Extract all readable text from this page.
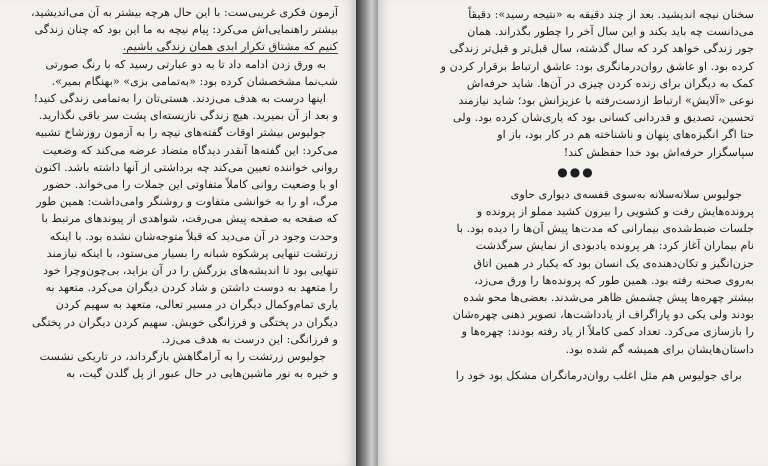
آزمون فکری غریبی‌ست: با این حال هرچه بیشتر به آن می‌اندیشید،

بیشتر راهنمایی‌اش می‌کرد: پیام نیچه به ما این بود که چنان زندگی

کنیم که مشتاق تکرار ابدی همان زندگی باشیم.

به ورق زدن ادامه داد تا به دو عبارتی رسید که با رنگ صورتی

شب‌نما مشخصشان کرده بود: «به‌تمامی بزی» «بهنگام بمیر».

اینها درست به هدف می‌زدند. هستی‌تان را به‌تمامی زندگی کنید!

و بعد از آن بمیرید. هیچ زندگی نازیسته‌ای پشت سر باقی نگذارید.

جولیوس بیشتر اوقات گفته‌های نیچه را به آزمون روزشاخ تشبیه

می‌کرد: این گفته‌ها آنقدر دیدگاه متضاد عرضه می‌کند که وضعیت

روانی خواننده تعیین می‌کند چه برداشتی از آنها داشته باشد. اکنون

او با وضعیت روانی کاملاً متفاوتی این جملات را می‌خواند. حضور

مرگ، او را به خوانشی متفاوت و روشنگر وامی‌داشت: همین طور

که صفحه به صفحه پیش می‌رفت، شواهدی از پیوندهای مرتبط با

وحدت وجود در آن می‌دید که قبلاً متوجه‌شان نشده بود. با اینکه

زرتشت تنهایی پرشکوه شبانه را بسیار می‌ستود، با اینکه نیازمند

تنهایی بود تا اندیشه‌های بزرگش را در آن بزاید، بی‌چون‌وچرا خود

را متعهد به دوست داشتن و شاد کردن دیگران می‌کرد. متعهد به

یاری تمام‌وکمال دیگران در مسیر تعالی، متعهد به سهیم کردن

دیگران در پختگی و فرزانگی خویش. سهیم کردن دیگران در پختگی

و فرزانگی: این درست به هدف می‌زد.

جولیوس زرتشت را به آرامگاهش بازگرداند، در تاریکی نشست

و خیره به نور ماشین‌هایی در حال عبور از پل گلدن گیت، به

سخنان نیچه اندیشید. بعد از چند دقیقه به «نتیجه رسید»: دقیقاً

می‌دانست چه باید بکند و این سال آخر را چطور بگذراند. همان

جور زندگی خواهد کرد که سال گذشته، سال قبل‌تر و قبل‌تر زندگی

کرده بود. او عاشق روان‌درمانگری بود: عاشق ارتباط برقرار کردن و

کمک به دیگران برای زنده کردن چیزی در آن‌ها. شاید حرفه‌اش

نوعی «آلایش» ارتباط ازدست‌رفته با عزیزانش بود؛ شاید نیازمند

تحسین، تصدیق و قدردانی کسانی بود که یاری‌شان کرده بود. ولی

حتا اگر انگیزه‌های پنهان و ناشناخته هم در کار بود، باز او

سپاسگزار حرفه‌اش بود خدا حفظش کند!

●●●

جولیوس سلانه‌سلانه به‌سوی قفسه‌ی دیواری حاوی

پرونده‌هایش رفت و کشویی را بیرون کشید مملو از پرونده و

جلسات ضبط‌شده‌ی بیمارانی که مدت‌ها پیش آن‌ها را دیده بود. با

نام بیماران آغاز کرد: هر پرونده یادبودی از نمایش سرگذشت

حزن‌انگیز و تکان‌دهنده‌ی یک انسان بود که یکبار در همین اتاق

به‌روی صحنه رفته بود. همین طور که پرونده‌ها را ورق می‌زد،

بیشتر چهره‌ها پیش چشمش ظاهر می‌شدند. بعضی‌ها محو شده

بودند ولی یکی دو پاراگراف از یادداشت‌ها، تصویر ذهنی چهره‌شان

را بازسازی می‌کرد. تعداد کمی کاملاً از یاد رفته بودند: چهره‌ها و

داستان‌هایشان برای همیشه گم شده بود.

برای جولیوس هم مثل اغلب روان‌درمانگران مشکل بود خود را
